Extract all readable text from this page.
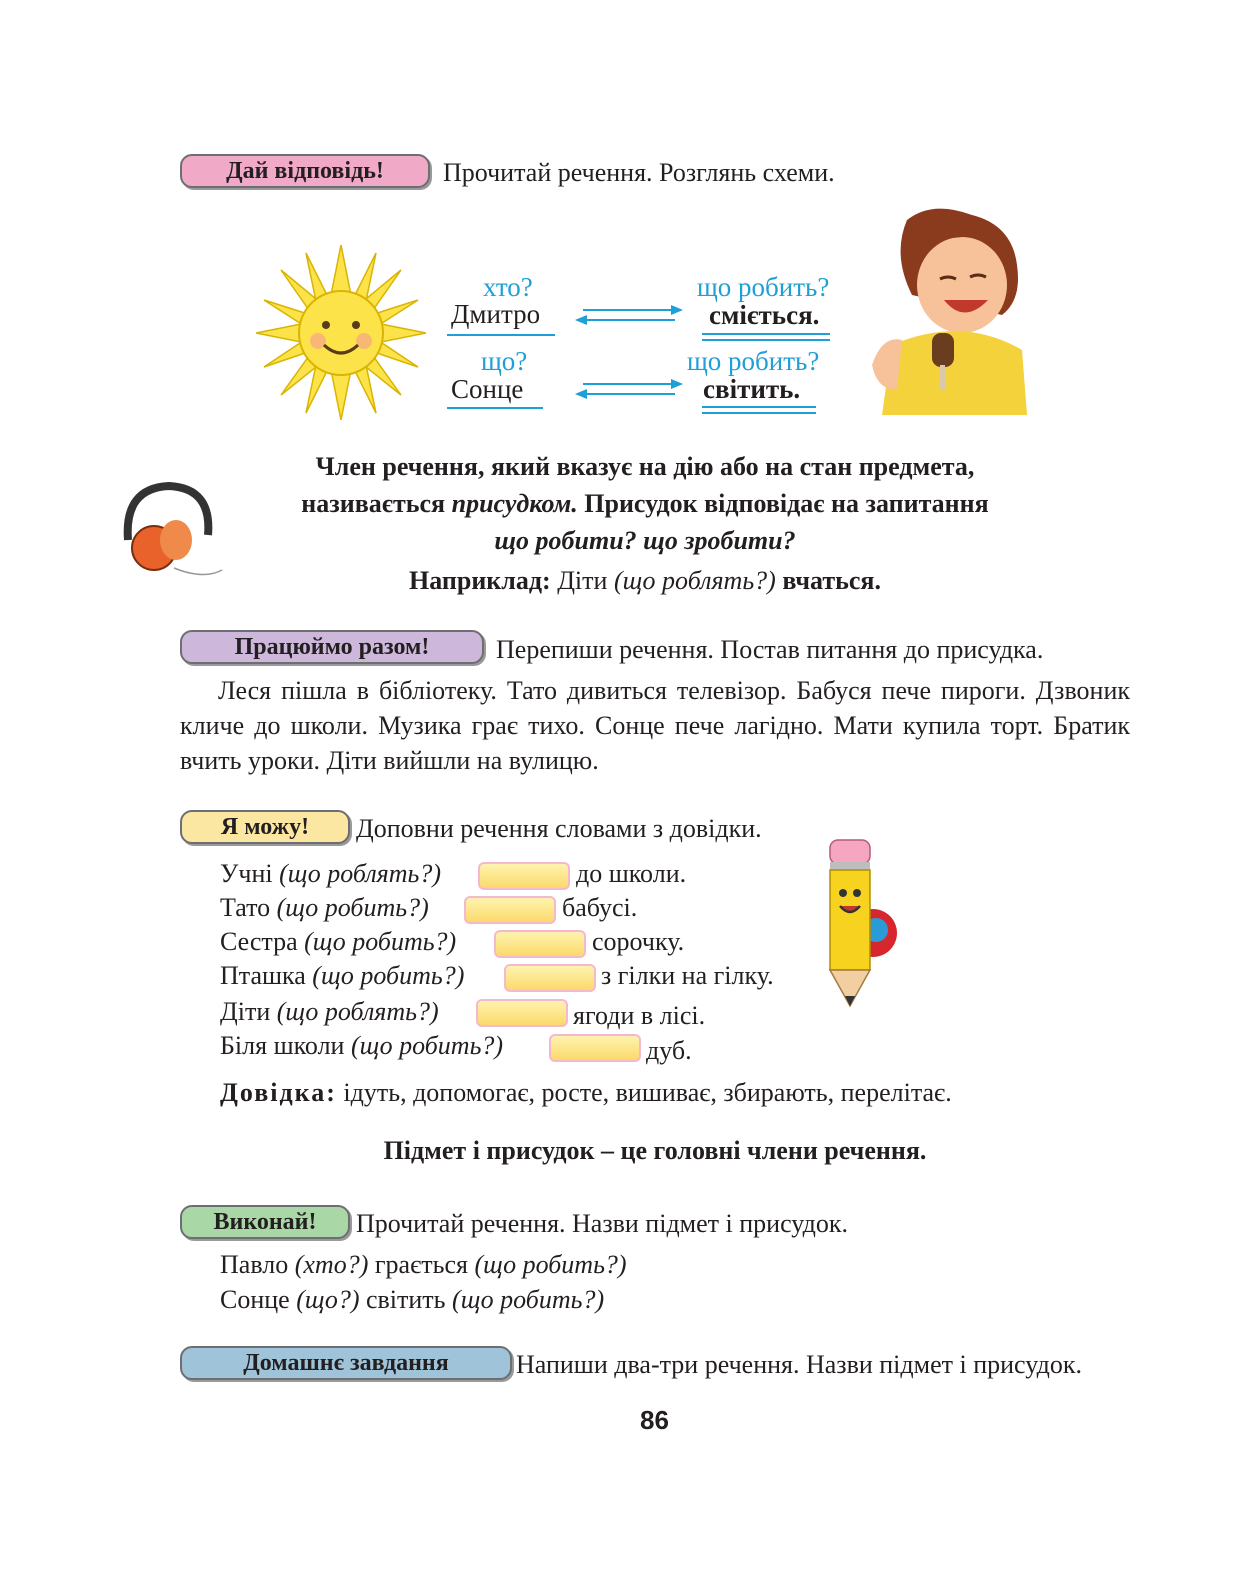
Дай відповідь!	Прочитай речення. Розглянь схеми.
хто?
Дмитро
що робить?
сміється.
що?
Сонце
що робить?
світить.
Член речення, який вказує на дію або на стан предмета,
називається присудком. Присудок відповідає на запитання
що робити? що зробити?
Наприклад: Діти (що роблять?) вчаться.
Працюймо разом!	Перепиши речення. Постав питання до присудка.
Леся пішла в бібліотеку. Тато дивиться телевізор. Бабуся пече пироги. Дзвоник кличе до школи. Музика грає тихо. Сонце пече лагідно. Мати купила торт. Братик вчить уроки. Діти вийшли на вулицю.
Я можу!	Доповни речення словами з довідки.
Учні (що роблять?)	до школи.
Тато (що робить?)	бабусі.
Сестра (що робить?)	сорочку.
Пташка (що робить?)	з гілки на гілку.
Діти (що роблять?)	ягоди в лісі.
Біля школи (що робить?)	дуб.
Довідка: ідуть, допомогає, росте, вишиває, збирають, перелітає.
Підмет і присудок – це головні члени речення.
Виконай!	Прочитай речення. Назви підмет і присудок.
Павло (хто?) грається (що робить?)
Сонце (що?) світить (що робить?)
Домашнє завдання	Напиши два-три речення. Назви підмет і присудок.
86
